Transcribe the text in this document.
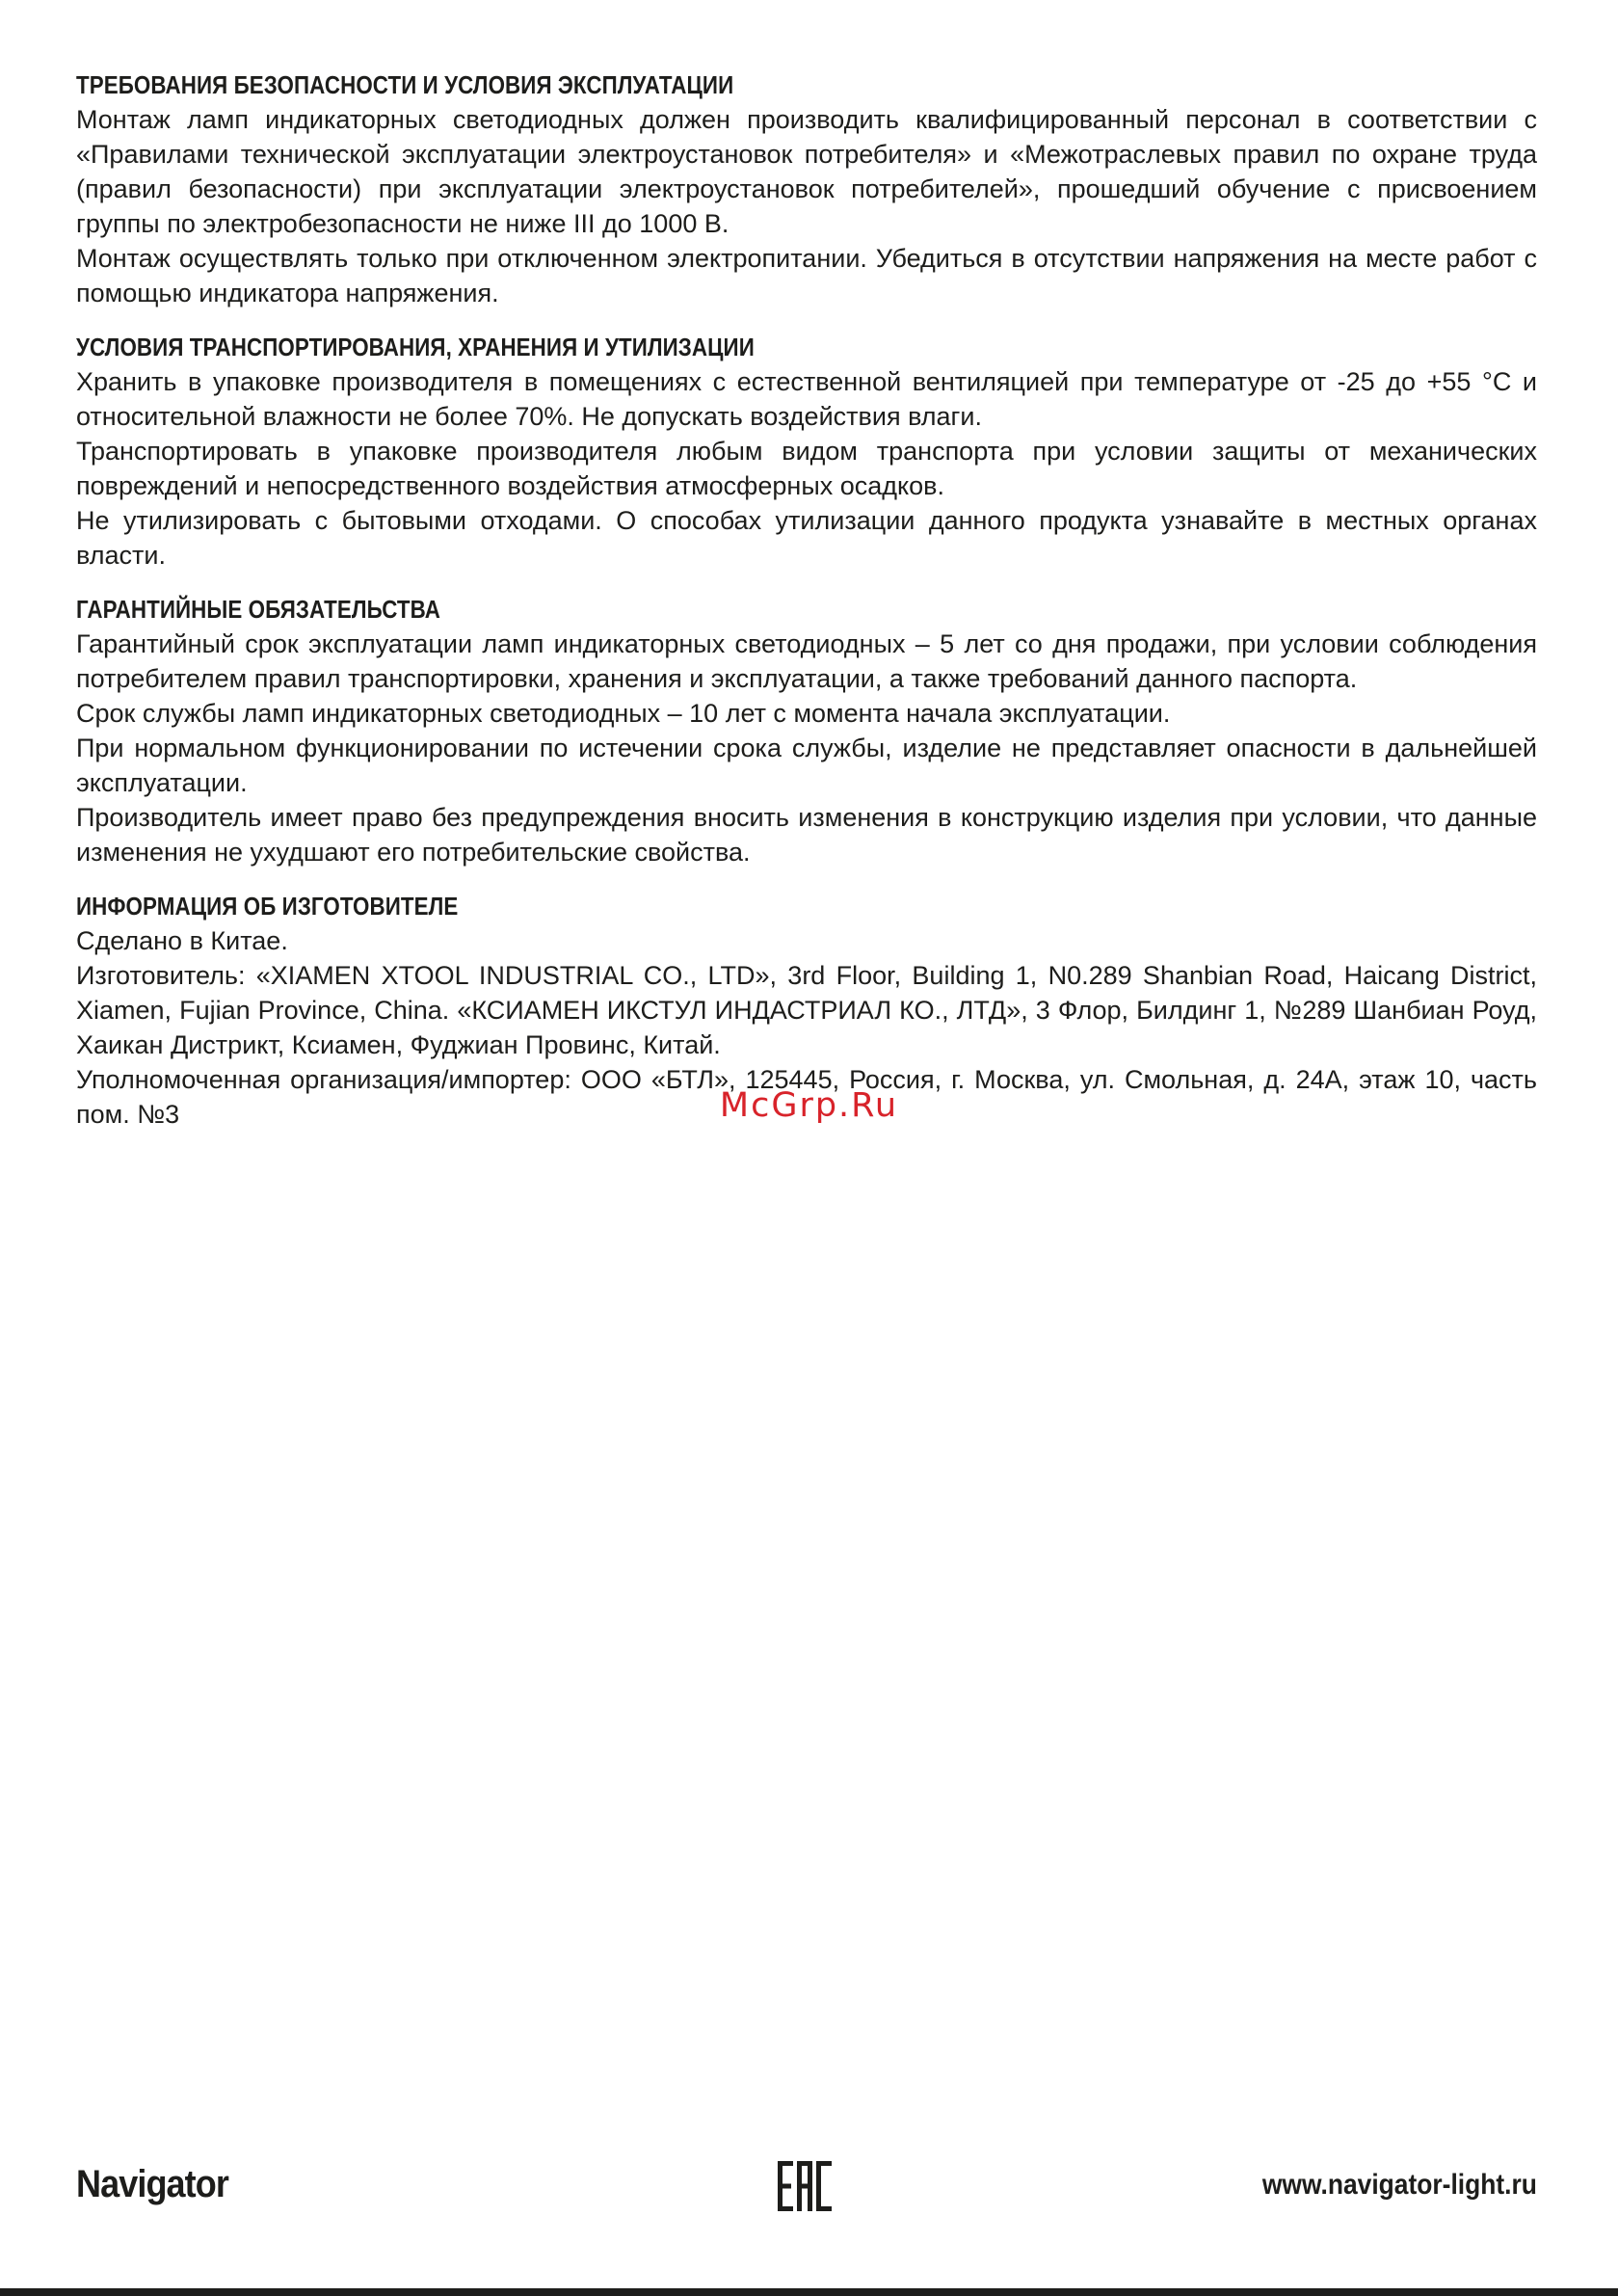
ТРЕБОВАНИЯ БЕЗОПАСНОСТИ И УСЛОВИЯ ЭКСПЛУАТАЦИИ

Монтаж ламп индикаторных светодиодных должен производить квалифицированный персонал в соответствии с «Правилами технической эксплуатации электроустановок потребителя» и «Межотраслевых правил по охране труда (правил безопасности) при эксплуатации электроустановок потребителей», прошедший обучение с присвоением группы по электробезопасности не ниже III до 1000 В.

Монтаж осуществлять только при отключенном электропитании. Убедиться в отсутствии напряжения на месте работ с помощью индикатора напряжения.

УСЛОВИЯ ТРАНСПОРТИРОВАНИЯ, ХРАНЕНИЯ И УТИЛИЗАЦИИ

Хранить в упаковке производителя в помещениях с естественной вентиляцией при температуре от -25 до +55 °С и относительной влажности не более 70%. Не допускать воздействия влаги.

Транспортировать в упаковке производителя любым видом транспорта при условии защиты от механических повреждений и непосредственного воздействия атмосферных осадков.

Не утилизировать с бытовыми отходами. О способах утилизации данного продукта узнавайте в местных органах власти.

ГАРАНТИЙНЫЕ ОБЯЗАТЕЛЬСТВА

Гарантийный срок эксплуатации ламп индикаторных светодиодных – 5 лет со дня продажи, при условии соблюдения потребителем правил транспортировки, хранения и эксплуатации, а также требований данного паспорта.

Срок службы ламп индикаторных светодиодных – 10 лет с момента начала эксплуатации.

При нормальном функционировании по истечении срока службы, изделие не представляет опасности в дальнейшей эксплуатации.

Производитель имеет право без предупреждения вносить изменения в конструкцию изделия при условии, что данные изменения не ухудшают его потребительские свойства.

ИНФОРМАЦИЯ ОБ ИЗГОТОВИТЕЛЕ

Сделано в Китае.

Изготовитель: «XIAMEN XTOOL INDUSTRIAL CO., LTD», 3rd Floor, Building 1, N0.289 Shanbian Road, Haicang District, Xiamen, Fujian Province, China. «КСИАМЕН ИКСТУЛ ИНДАСТРИАЛ КО., ЛТД», 3 Флор, Билдинг 1, №289 Шанбиан Роуд, Хаикан Дистрикт, Ксиамен, Фуджиан Провинс, Китай.

Уполномоченная организация/импортер: ООО «БТЛ», 125445, Россия, г. Москва, ул. Смольная, д. 24А, этаж 10, часть пом. №3	McGrp.Ru
Navigator	www.navigator-light.ru
